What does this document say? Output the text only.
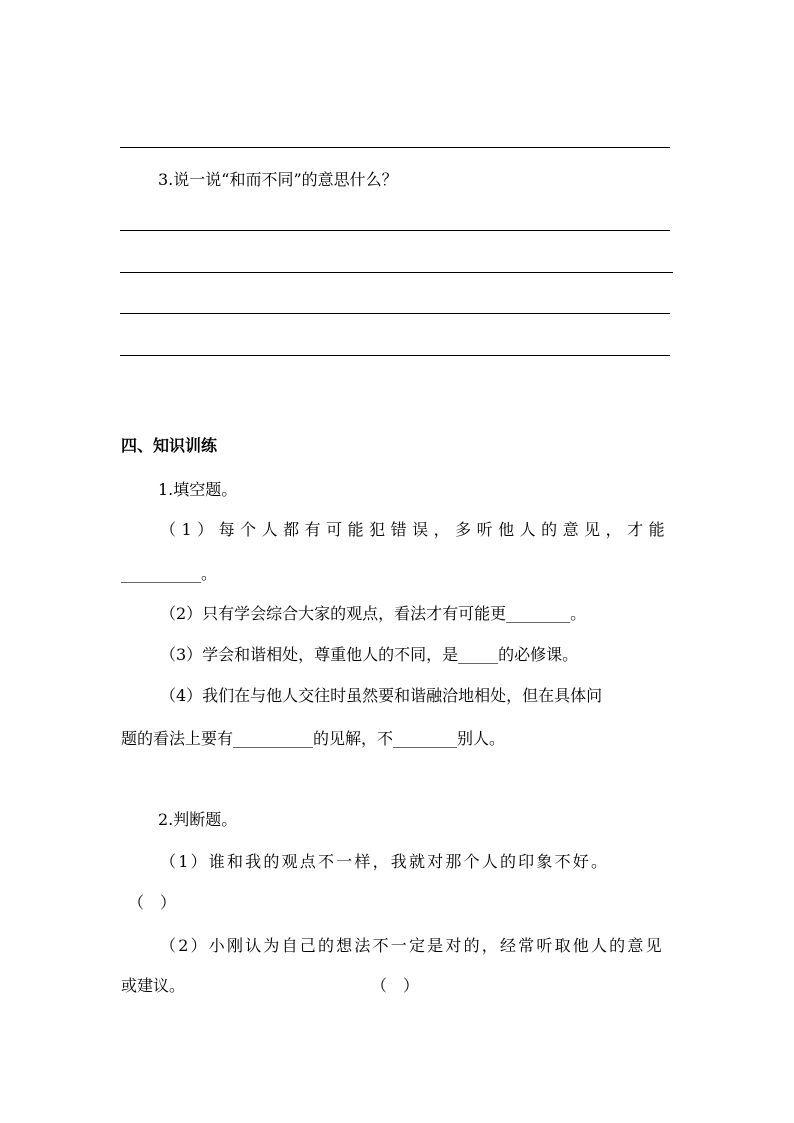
3.说一说“和而不同”的意思什么？
四、知识训练
1.填空题。
（1）每个人都有可能犯错误，多听他人的意见，才能
__________。
（2）只有学会综合大家的观点，看法才有可能更________。
（3）学会和谐相处，尊重他人的不同，是_____的必修课。
（4）我们在与他人交往时虽然要和谐融洽地相处，但在具体问
题的看法上要有__________的见解，不________别人。
2.判断题。
（1）谁和我的观点不一样，我就对那个人的印象不好。
（　）
（2）小刚认为自己的想法不一定是对的，经常听取他人的意见
或建议。	（　）
